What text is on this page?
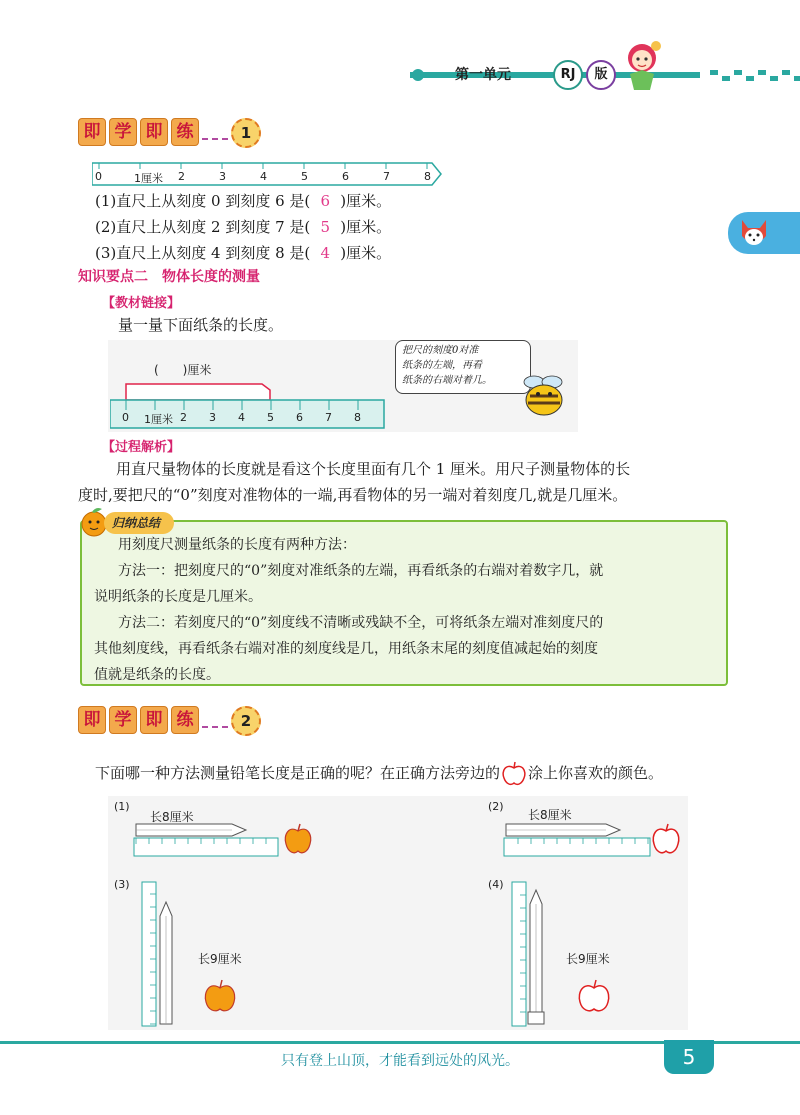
第一单元	RJ	版
即 学 即 练	1
0	1厘米 2	3	4	5	6	7	8
(1)直尺上从刻度 0 到刻度 6 是( 6 )厘米。
(2)直尺上从刻度 2 到刻度 7 是( 5 )厘米。
(3)直尺上从刻度 4 到刻度 8 是( 4 )厘米。
知识要点二　物体长度的测量
【教材链接】
量一量下面纸条的长度。
(　　)厘米
0 1厘米 2 3 4 5 6 7 8
把尺的刻度0对准
纸条的左端，再看
纸条的右端对着几。
【过程解析】
用直尺量物体的长度就是看这个长度里面有几个 1 厘米。用尺子测量物体的长
度时,要把尺的“0”刻度对准物体的一端,再看物体的另一端对着刻度几,就是几厘米。
归纳总结
用刻度尺测量纸条的长度有两种方法：
方法一：把刻度尺的“0”刻度对准纸条的左端，再看纸条的右端对着数字几，就
说明纸条的长度是几厘米。
方法二：若刻度尺的“0”刻度线不清晰或残缺不全，可将纸条左端对准刻度尺的
其他刻度线，再看纸条右端对准的刻度线是几，用纸条末尾的刻度值减起始的刻度
值就是纸条的长度。
即 学 即 练	2
下面哪一种方法测量铅笔长度是正确的呢？在正确方法旁边的 涂上你喜欢的颜色。
(1)
长8厘米
(2)
长8厘米
(3)
长9厘米
(4)
长9厘米
只有登上山顶，才能看到远处的风光。	5
